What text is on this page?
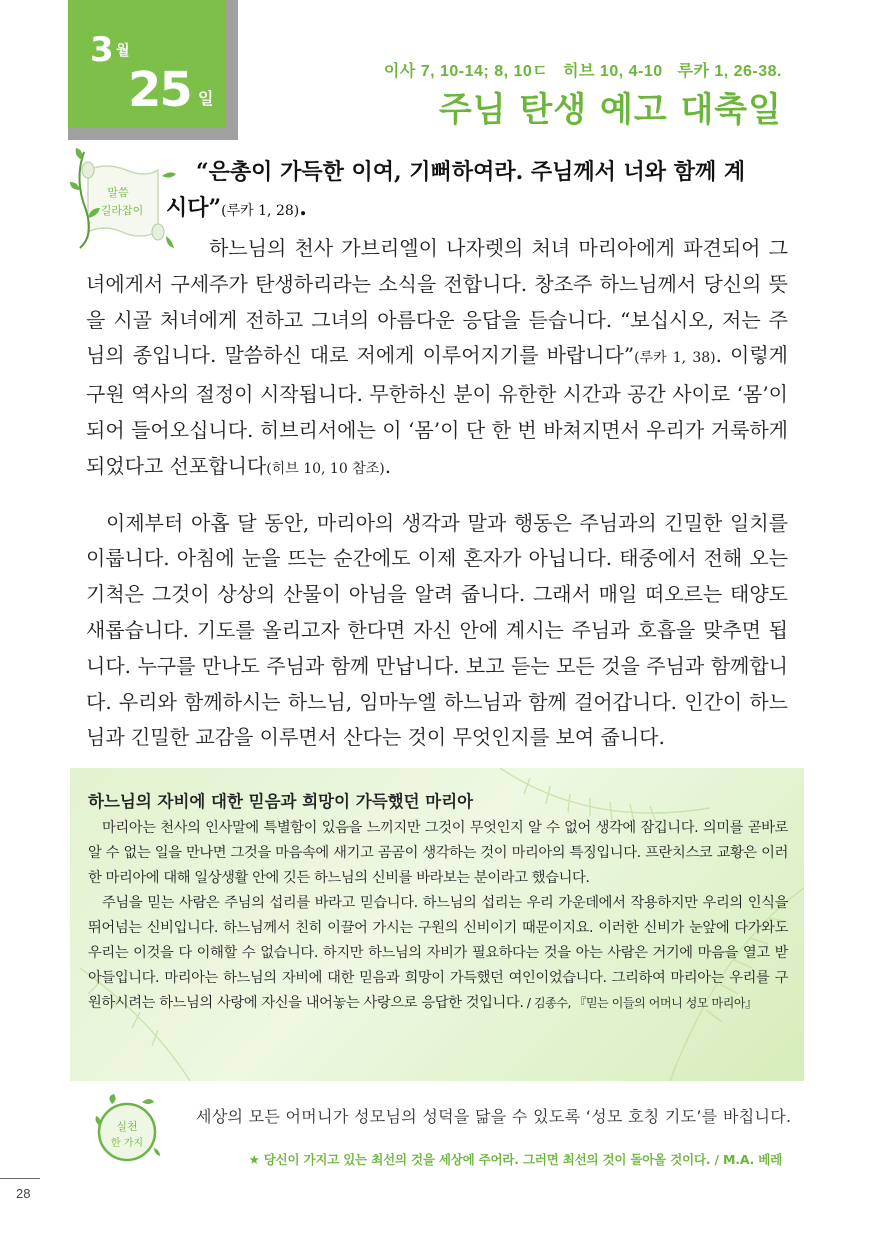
3 월
25 일
이사 7, 10-14; 8, 10ㄷ   히브 10, 4-10   루카 1, 26-38.
주님 탄생 예고 대축일
말씀
길라잡이
“은총이 가득한 이여, 기뻐하여라. 주님께서 너와 함께 계
시다”(루카 1, 28).

하느님의 천사 가브리엘이 나자렛의 처녀 마리아에게 파견되어 그녀에게서 구세주가 탄생하리라는 소식을 전합니다. 창조주 하느님께서 당신의 뜻을 시골 처녀에게 전하고 그녀의 아름다운 응답을 듣습니다. “보십시오, 저는 주님의 종입니다. 말씀하신 대로 저에게 이루어지기를 바랍니다”(루카 1, 38). 이렇게 구원 역사의 절정이 시작됩니다. 무한하신 분이 유한한 시간과 공간 사이로 ‘몸’이 되어 들어오십니다. 히브리서에는 이 ‘몸’이 단 한 번 바쳐지면서 우리가 거룩하게 되었다고 선포합니다(히브 10, 10 참조).

이제부터 아홉 달 동안, 마리아의 생각과 말과 행동은 주님과의 긴밀한 일치를 이룹니다. 아침에 눈을 뜨는 순간에도 이제 혼자가 아닙니다. 태중에서 전해 오는 기척은 그것이 상상의 산물이 아님을 알려 줍니다. 그래서 매일 떠오르는 태양도 새롭습니다. 기도를 올리고자 한다면 자신 안에 계시는 주님과 호흡을 맞추면 됩니다. 누구를 만나도 주님과 함께 만납니다. 보고 듣는 모든 것을 주님과 함께합니다. 우리와 함께하시는 하느님, 임마누엘 하느님과 함께 걸어갑니다. 인간이 하느님과 긴밀한 교감을 이루면서 산다는 것이 무엇인지를 보여 줍니다.

하느님의 자비에 대한 믿음과 희망이 가득했던 마리아

마리아는 천사의 인사말에 특별함이 있음을 느끼지만 그것이 무엇인지 알 수 없어 생각에 잠깁니다. 의미를 곧바로 알 수 없는 일을 만나면 그것을 마음속에 새기고 곰곰이 생각하는 것이 마리아의 특징입니다. 프란치스코 교황은 이러한 마리아에 대해 일상생활 안에 깃든 하느님의 신비를 바라보는 분이라고 했습니다.

주님을 믿는 사람은 주님의 섭리를 바라고 믿습니다. 하느님의 섭리는 우리 가운데에서 작용하지만 우리의 인식을 뛰어넘는 신비입니다. 하느님께서 친히 이끌어 가시는 구원의 신비이기 때문이지요. 이러한 신비가 눈앞에 다가와도 우리는 이것을 다 이해할 수 없습니다. 하지만 하느님의 자비가 필요하다는 것을 아는 사람은 거기에 마음을 열고 받아들입니다. 마리아는 하느님의 자비에 대한 믿음과 희망이 가득했던 여인이었습니다. 그리하여 마리아는 우리를 구원하시려는 하느님의 사랑에 자신을 내어놓는 사랑으로 응답한 것입니다. / 김종수, 『믿는 이들의 어머니 성모 마리아』

실천
한 가지
세상의 모든 어머니가 성모님의 성덕을 닮을 수 있도록 ‘성모 호칭 기도’를 바칩니다.
★ 당신이 가지고 있는 최선의 것을 세상에 주어라. 그러면 최선의 것이 돌아올 것이다. / M.A. 베레
28
